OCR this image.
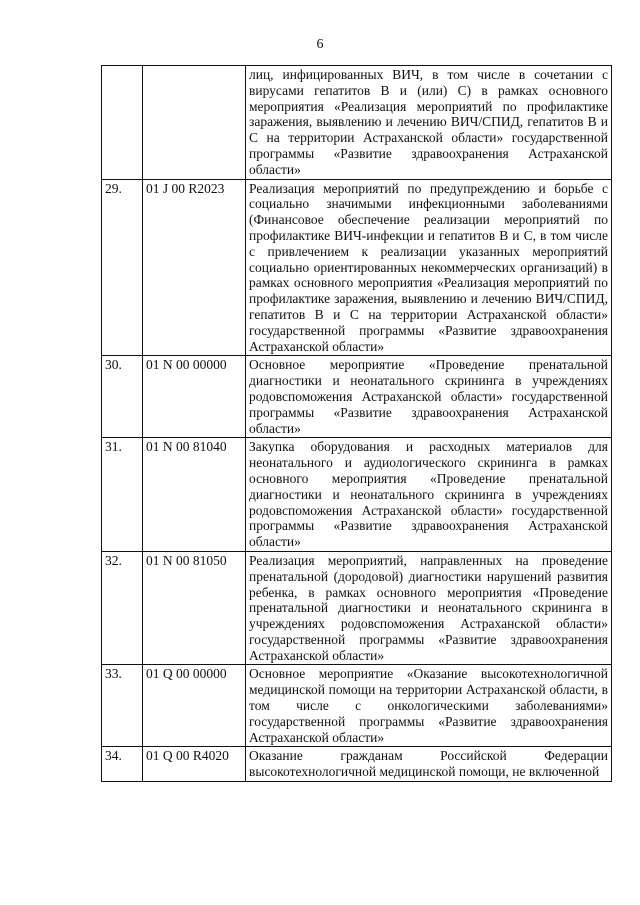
6
		лиц, инфицированных ВИЧ, в том числе в сочетании с вирусами гепатитов В и (или) С) в рамках основного мероприятия «Реализация мероприятий по профилактике заражения, выявлению и лечению ВИЧ/СПИД, гепатитов В и С на территории Астраханской области» государственной программы «Развитие здравоохранения Астраханской области»
29.	01 J 00 R2023	Реализация мероприятий по предупреждению и борьбе с социально значимыми инфекционными заболеваниями (Финансовое обеспечение реализации мероприятий по профилактике ВИЧ-инфекции и гепатитов В и С, в том числе с привлечением к реализации указанных мероприятий социально ориентированных некоммерческих организаций) в рамках основного мероприятия «Реализация мероприятий по профилактике заражения, выявлению и лечению ВИЧ/СПИД, гепатитов В и С на территории Астраханской области» государственной программы «Развитие здравоохранения Астраханской области»
30.	01 N 00 00000	Основное мероприятие «Проведение пренатальной диагностики и неонатального скрининга в учреждениях родовспоможения Астраханской области» государственной программы «Развитие здравоохранения Астраханской области»
31.	01 N 00 81040	Закупка оборудования и расходных материалов для неонатального и аудиологического скрининга в рамках основного мероприятия «Проведение пренатальной диагностики и неонатального скрининга в учреждениях родовспоможения Астраханской области» государственной программы «Развитие здравоохранения Астраханской области»
32.	01 N 00 81050	Реализация мероприятий, направленных на проведение пренатальной (дородовой) диагностики нарушений развития ребенка, в рамках основного мероприятия «Проведение пренатальной диагностики и неонатального скрининга в учреждениях родовспоможения Астраханской области» государственной программы «Развитие здравоохранения Астраханской области»
33.	01 Q 00 00000	Основное мероприятие «Оказание высокотехнологичной медицинской помощи на территории Астраханской области, в том числе с онкологическими заболеваниями» государственной программы «Развитие здравоохранения Астраханской области»
34.	01 Q 00 R4020	Оказание гражданам Российской Федерации высокотехнологичной медицинской помощи, не включенной
